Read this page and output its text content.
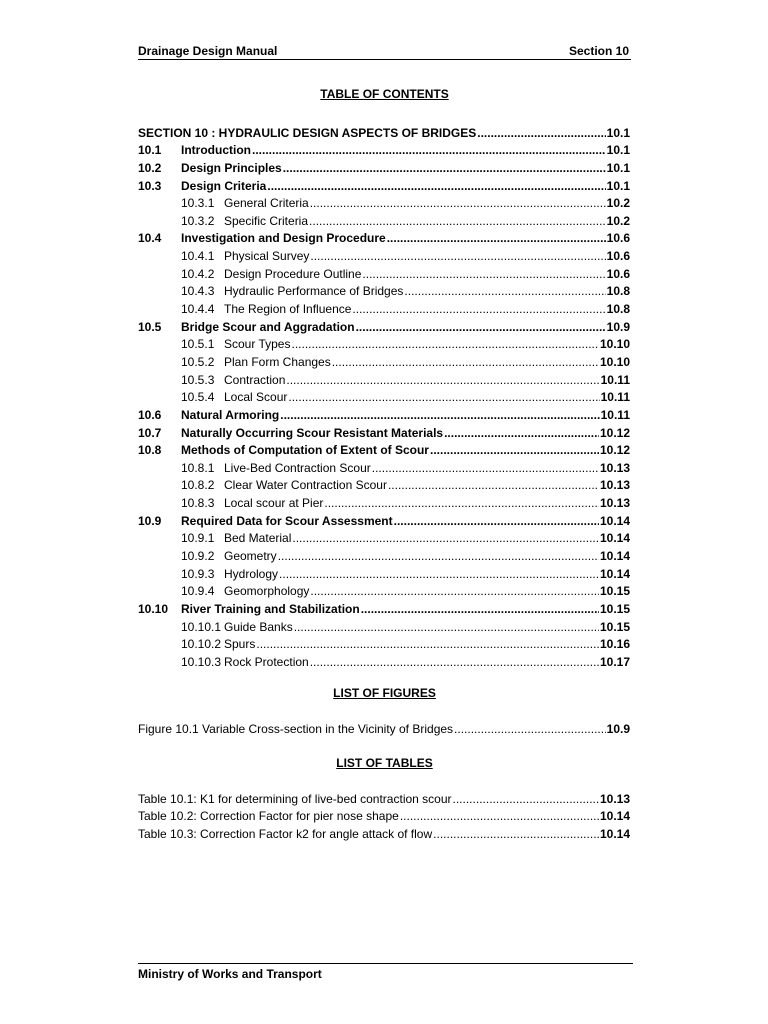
Drainage Design Manual	Section 10
TABLE OF CONTENTS
SECTION 10 : HYDRAULIC DESIGN ASPECTS OF BRIDGES .....	10.1
10.1	Introduction .....	10.1
10.2	Design Principles .....	10.1
10.3	Design Criteria .....	10.1
10.3.1 General Criteria .....	10.2
10.3.2 Specific Criteria .....	10.2
10.4	Investigation and Design Procedure .....	10.6
10.4.1 Physical Survey .....	10.6
10.4.2 Design Procedure Outline .....	10.6
10.4.3 Hydraulic Performance of Bridges .....	10.8
10.4.4 The Region of Influence .....	10.8
10.5	Bridge Scour and Aggradation .....	10.9
10.5.1 Scour Types .....	10.10
10.5.2 Plan Form Changes .....	10.10
10.5.3 Contraction .....	10.11
10.5.4 Local Scour .....	10.11
10.6	Natural Armoring .....	10.11
10.7	Naturally Occurring Scour Resistant Materials .....	10.12
10.8	Methods of Computation of Extent of Scour .....	10.12
10.8.1 Live-Bed Contraction Scour .....	10.13
10.8.2 Clear Water Contraction Scour .....	10.13
10.8.3 Local scour at Pier .....	10.13
10.9	Required Data for Scour Assessment .....	10.14
10.9.1 Bed Material .....	10.14
10.9.2 Geometry .....	10.14
10.9.3 Hydrology .....	10.14
10.9.4 Geomorphology .....	10.15
10.10	River Training and Stabilization .....	10.15
10.10.1 Guide Banks .....	10.15
10.10.2 Spurs .....	10.16
10.10.3 Rock Protection .....	10.17
LIST OF FIGURES
Figure 10.1 Variable Cross-section in the Vicinity of Bridges .....	10.9
LIST OF TABLES
Table 10.1: K1 for determining of live-bed contraction scour .....	10.13
Table 10.2: Correction Factor for pier nose shape .....	10.14
Table 10.3: Correction Factor k2 for angle attack of flow .....	10.14
Ministry of Works and Transport
